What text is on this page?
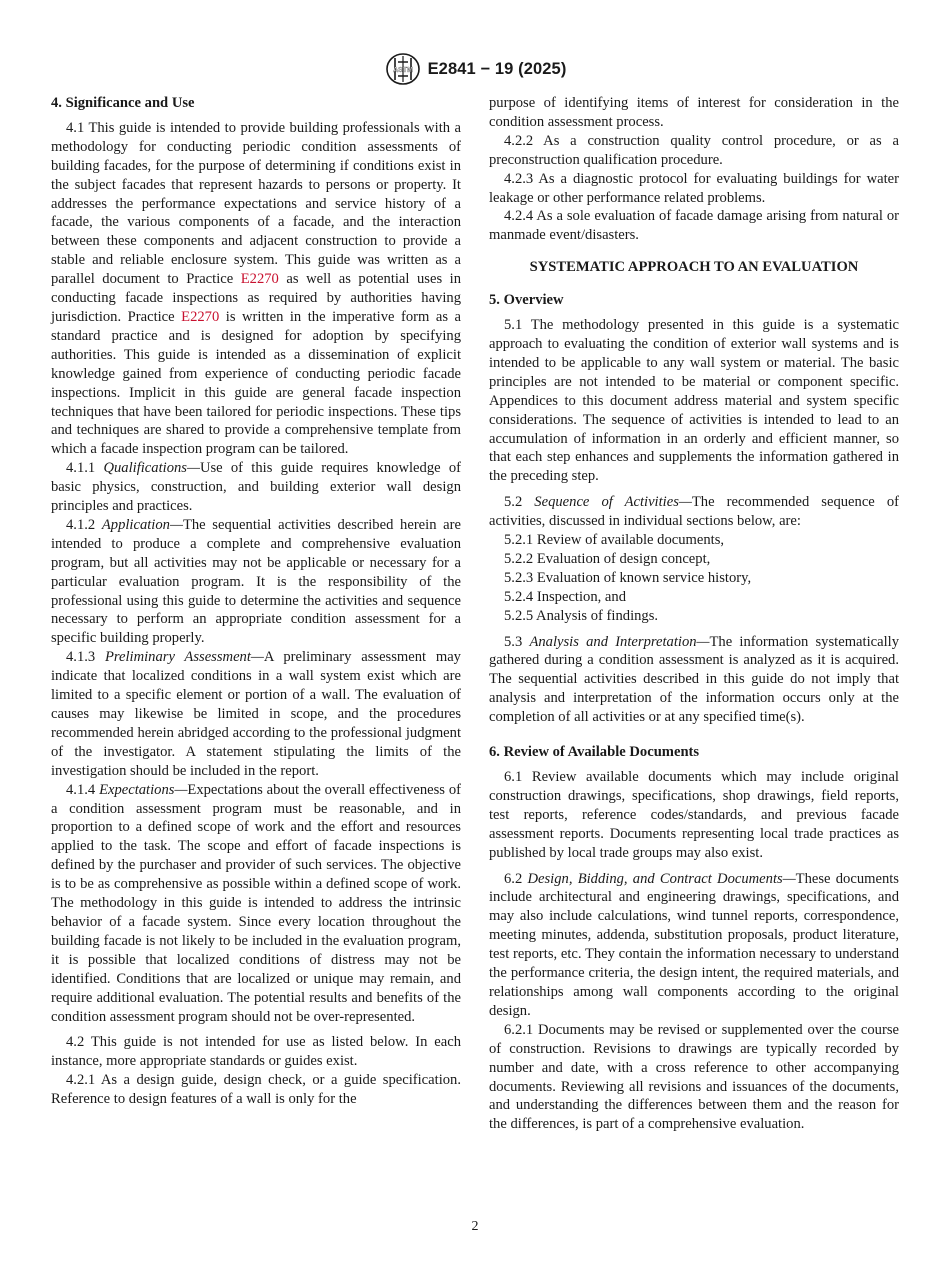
ASTM E2841 − 19 (2025)

4. Significance and Use

4.1 This guide is intended to provide building professionals with a methodology for conducting periodic condition assessments of building facades, for the purpose of determining if conditions exist in the subject facades that represent hazards to persons or property. It addresses the performance expectations and service history of a facade, the various components of a facade, and the interaction between these components and adjacent construction to provide a stable and reliable enclosure system. This guide was written as a parallel document to Practice E2270 as well as potential uses in conducting facade inspections as required by authorities having jurisdiction. Practice E2270 is written in the imperative form as a standard practice and is designed for adoption by specifying authorities. This guide is intended as a dissemination of explicit knowledge gained from experience of conducting periodic facade inspections. Implicit in this guide are general facade inspection techniques that have been tailored for periodic inspections. These tips and techniques are shared to provide a comprehensive template from which a facade inspection program can be tailored.

4.1.1 Qualifications—Use of this guide requires knowledge of basic physics, construction, and building exterior wall design principles and practices.

4.1.2 Application—The sequential activities described herein are intended to produce a complete and comprehensive evaluation program, but all activities may not be applicable or necessary for a particular evaluation program. It is the responsibility of the professional using this guide to determine the activities and sequence necessary to perform an appropriate condition assessment for a specific building properly.

4.1.3 Preliminary Assessment—A preliminary assessment may indicate that localized conditions in a wall system exist which are limited to a specific element or portion of a wall. The evaluation of causes may likewise be limited in scope, and the procedures recommended herein abridged according to the professional judgment of the investigator. A statement stipulating the limits of the investigation should be included in the report.

4.1.4 Expectations—Expectations about the overall effectiveness of a condition assessment program must be reasonable, and in proportion to a defined scope of work and the effort and resources applied to the task. The scope and effort of facade inspections is defined by the purchaser and provider of such services. The objective is to be as comprehensive as possible within a defined scope of work. The methodology in this guide is intended to address the intrinsic behavior of a facade system. Since every location throughout the building facade is not likely to be included in the evaluation program, it is possible that localized conditions of distress may not be identified. Conditions that are localized or unique may remain, and require additional evaluation. The potential results and benefits of the condition assessment program should not be over-represented.

4.2 This guide is not intended for use as listed below. In each instance, more appropriate standards or guides exist.

4.2.1 As a design guide, design check, or a guide specification. Reference to design features of a wall is only for the

purpose of identifying items of interest for consideration in the condition assessment process.

4.2.2 As a construction quality control procedure, or as a preconstruction qualification procedure.

4.2.3 As a diagnostic protocol for evaluating buildings for water leakage or other performance related problems.

4.2.4 As a sole evaluation of facade damage arising from natural or manmade event/disasters.

SYSTEMATIC APPROACH TO AN EVALUATION

5. Overview

5.1 The methodology presented in this guide is a systematic approach to evaluating the condition of exterior wall systems and is intended to be applicable to any wall system or material. The basic principles are not intended to be material or component specific. Appendices to this document address material and system specific considerations. The sequence of activities is intended to lead to an accumulation of information in an orderly and efficient manner, so that each step enhances and supplements the information gathered in the preceding step.

5.2 Sequence of Activities—The recommended sequence of activities, discussed in individual sections below, are:

5.2.1 Review of available documents,

5.2.2 Evaluation of design concept,

5.2.3 Evaluation of known service history,

5.2.4 Inspection, and

5.2.5 Analysis of findings.

5.3 Analysis and Interpretation—The information systematically gathered during a condition assessment is analyzed as it is acquired. The sequential activities described in this guide do not imply that analysis and interpretation of the information occurs only at the completion of all activities or at any specified time(s).

6. Review of Available Documents

6.1 Review available documents which may include original construction drawings, specifications, shop drawings, field reports, test reports, reference codes/standards, and previous facade assessment reports. Documents representing local trade practices as published by local trade groups may also exist.

6.2 Design, Bidding, and Contract Documents—These documents include architectural and engineering drawings, specifications, and may also include calculations, wind tunnel reports, correspondence, meeting minutes, addenda, substitution proposals, product literature, test reports, etc. They contain the information necessary to understand the performance criteria, the design intent, the required materials, and relationships among wall components according to the original design.

6.2.1 Documents may be revised or supplemented over the course of construction. Revisions to drawings are typically recorded by number and date, with a cross reference to other accompanying documents. Reviewing all revisions and issuances of the documents, and understanding the differences between them and the reason for the differences, is part of a comprehensive evaluation.

2
